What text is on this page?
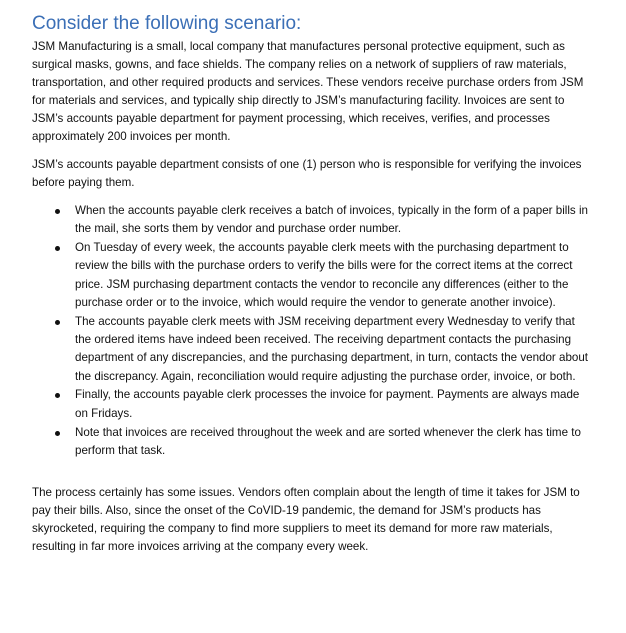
Consider the following scenario:

JSM Manufacturing is a small, local company that manufactures personal protective equipment, such as surgical masks, gowns, and face shields. The company relies on a network of suppliers of raw materials, transportation, and other required products and services. These vendors receive purchase orders from JSM for materials and services, and typically ship directly to JSM’s manufacturing facility. Invoices are sent to JSM’s accounts payable department for payment processing, which receives, verifies, and processes approximately 200 invoices per month.

JSM’s accounts payable department consists of one (1) person who is responsible for verifying the invoices before paying them.

When the accounts payable clerk receives a batch of invoices, typically in the form of a paper bills in the mail, she sorts them by vendor and purchase order number.
On Tuesday of every week, the accounts payable clerk meets with the purchasing department to review the bills with the purchase orders to verify the bills were for the correct items at the correct price. JSM purchasing department contacts the vendor to reconcile any differences (either to the purchase order or to the invoice, which would require the vendor to generate another invoice).
The accounts payable clerk meets with JSM receiving department every Wednesday to verify that the ordered items have indeed been received. The receiving department contacts the purchasing department of any discrepancies, and the purchasing department, in turn, contacts the vendor about the discrepancy. Again, reconciliation would require adjusting the purchase order, invoice, or both.
Finally, the accounts payable clerk processes the invoice for payment. Payments are always made on Fridays.
Note that invoices are received throughout the week and are sorted whenever the clerk has time to perform that task.

The process certainly has some issues. Vendors often complain about the length of time it takes for JSM to pay their bills. Also, since the onset of the CoVID-19 pandemic, the demand for JSM’s products has skyrocketed, requiring the company to find more suppliers to meet its demand for more raw materials, resulting in far more invoices arriving at the company every week.
